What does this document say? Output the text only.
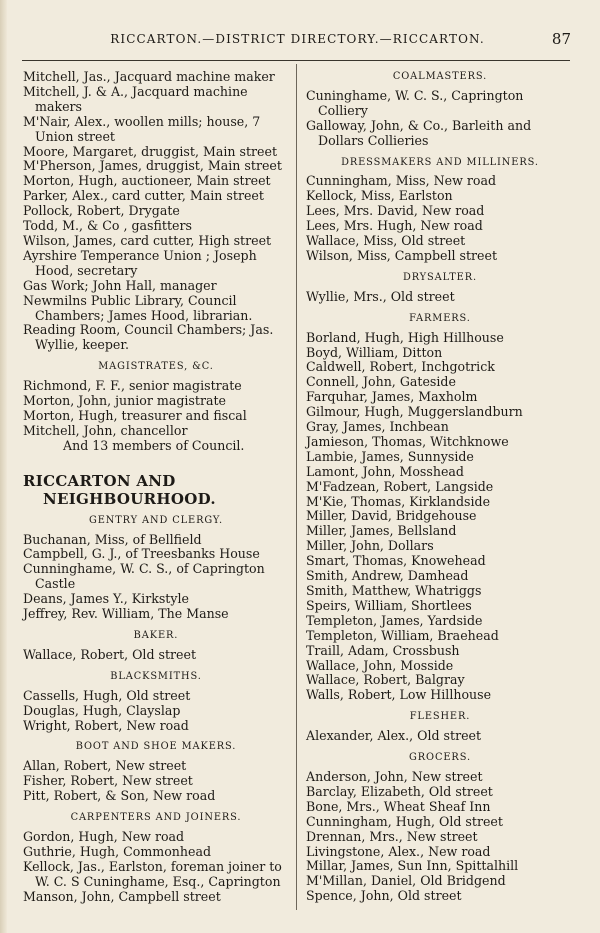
RICCARTON.—DISTRICT DIRECTORY.—RICCARTON.	87

Mitchell, Jas., Jacquard machine maker

Mitchell, J. & A., Jacquard machine makers

M'Nair, Alex., woollen mills; house, 7 Union street

Moore, Margaret, druggist, Main street

M'Pherson, James, druggist, Main street

Morton, Hugh, auctioneer, Main street

Parker, Alex., card cutter, Main street

Pollock, Robert, Drygate

Todd, M., & Co , gasfitters

Wilson, James, card cutter, High street

Ayrshire Temperance Union ; Joseph Hood, secretary

Gas Work; John Hall, manager

Newmilns Public Library, Council Chambers; James Hood, librarian.

Reading Room, Council Chambers; Jas. Wyllie, keeper.

MAGISTRATES, &C.

Richmond, F. F., senior magistrate

Morton, John, junior magistrate

Morton, Hugh, treasurer and fiscal

Mitchell, John, chancellor

And 13 members of Council.

RICCARTON AND NEIGHBOURHOOD.
GENTRY AND CLERGY.

Buchanan, Miss, of Bellfield

Campbell, G. J., of Treesbanks House

Cunninghame, W. C. S., of Caprington Castle

Deans, James Y., Kirkstyle

Jeffrey, Rev. William, The Manse

BAKER.

Wallace, Robert, Old street

BLACKSMITHS.

Cassells, Hugh, Old street

Douglas, Hugh, Clayslap

Wright, Robert, New road

BOOT AND SHOE MAKERS.

Allan, Robert, New street

Fisher, Robert, New street

Pitt, Robert, & Son, New road

CARPENTERS AND JOINERS.

Gordon, Hugh, New road

Guthrie, Hugh, Commonhead

Kellock, Jas., Earlston, foreman joiner to W. C. S Cuninghame, Esq., Caprington

Manson, John, Campbell street

COALMASTERS.

Cuninghame, W. C. S., Caprington Colliery

Galloway, John, & Co., Barleith and Dollars Collieries

DRESSMAKERS AND MILLINERS.

Cunningham, Miss, New road

Kellock, Miss, Earlston

Lees, Mrs. David, New road

Lees, Mrs. Hugh, New road

Wallace, Miss, Old street

Wilson, Miss, Campbell street

DRYSALTER.

Wyllie, Mrs., Old street

FARMERS.

Borland, Hugh, High Hillhouse

Boyd, William, Ditton

Caldwell, Robert, Inchgotrick

Connell, John, Gateside

Farquhar, James, Maxholm

Gilmour, Hugh, Muggerslandburn

Gray, James, Inchbean

Jamieson, Thomas, Witchknowe

Lambie, James, Sunnyside

Lamont, John, Mosshead

M'Fadzean, Robert, Langside

M'Kie, Thomas, Kirklandside

Miller, David, Bridgehouse

Miller, James, Bellsland

Miller, John, Dollars

Smart, Thomas, Knowehead

Smith, Andrew, Damhead

Smith, Matthew, Whatriggs

Speirs, William, Shortlees

Templeton, James, Yardside

Templeton, William, Braehead

Traill, Adam, Crossbush

Wallace, John, Mosside

Wallace, Robert, Balgray

Walls, Robert, Low Hillhouse

FLESHER.

Alexander, Alex., Old street

GROCERS.

Anderson, John, New street

Barclay, Elizabeth, Old street

Bone, Mrs., Wheat Sheaf Inn

Cunningham, Hugh, Old street

Drennan, Mrs., New street

Livingstone, Alex., New road

Millar, James, Sun Inn, Spittalhill

M'Millan, Daniel, Old Bridgend

Spence, John, Old street
